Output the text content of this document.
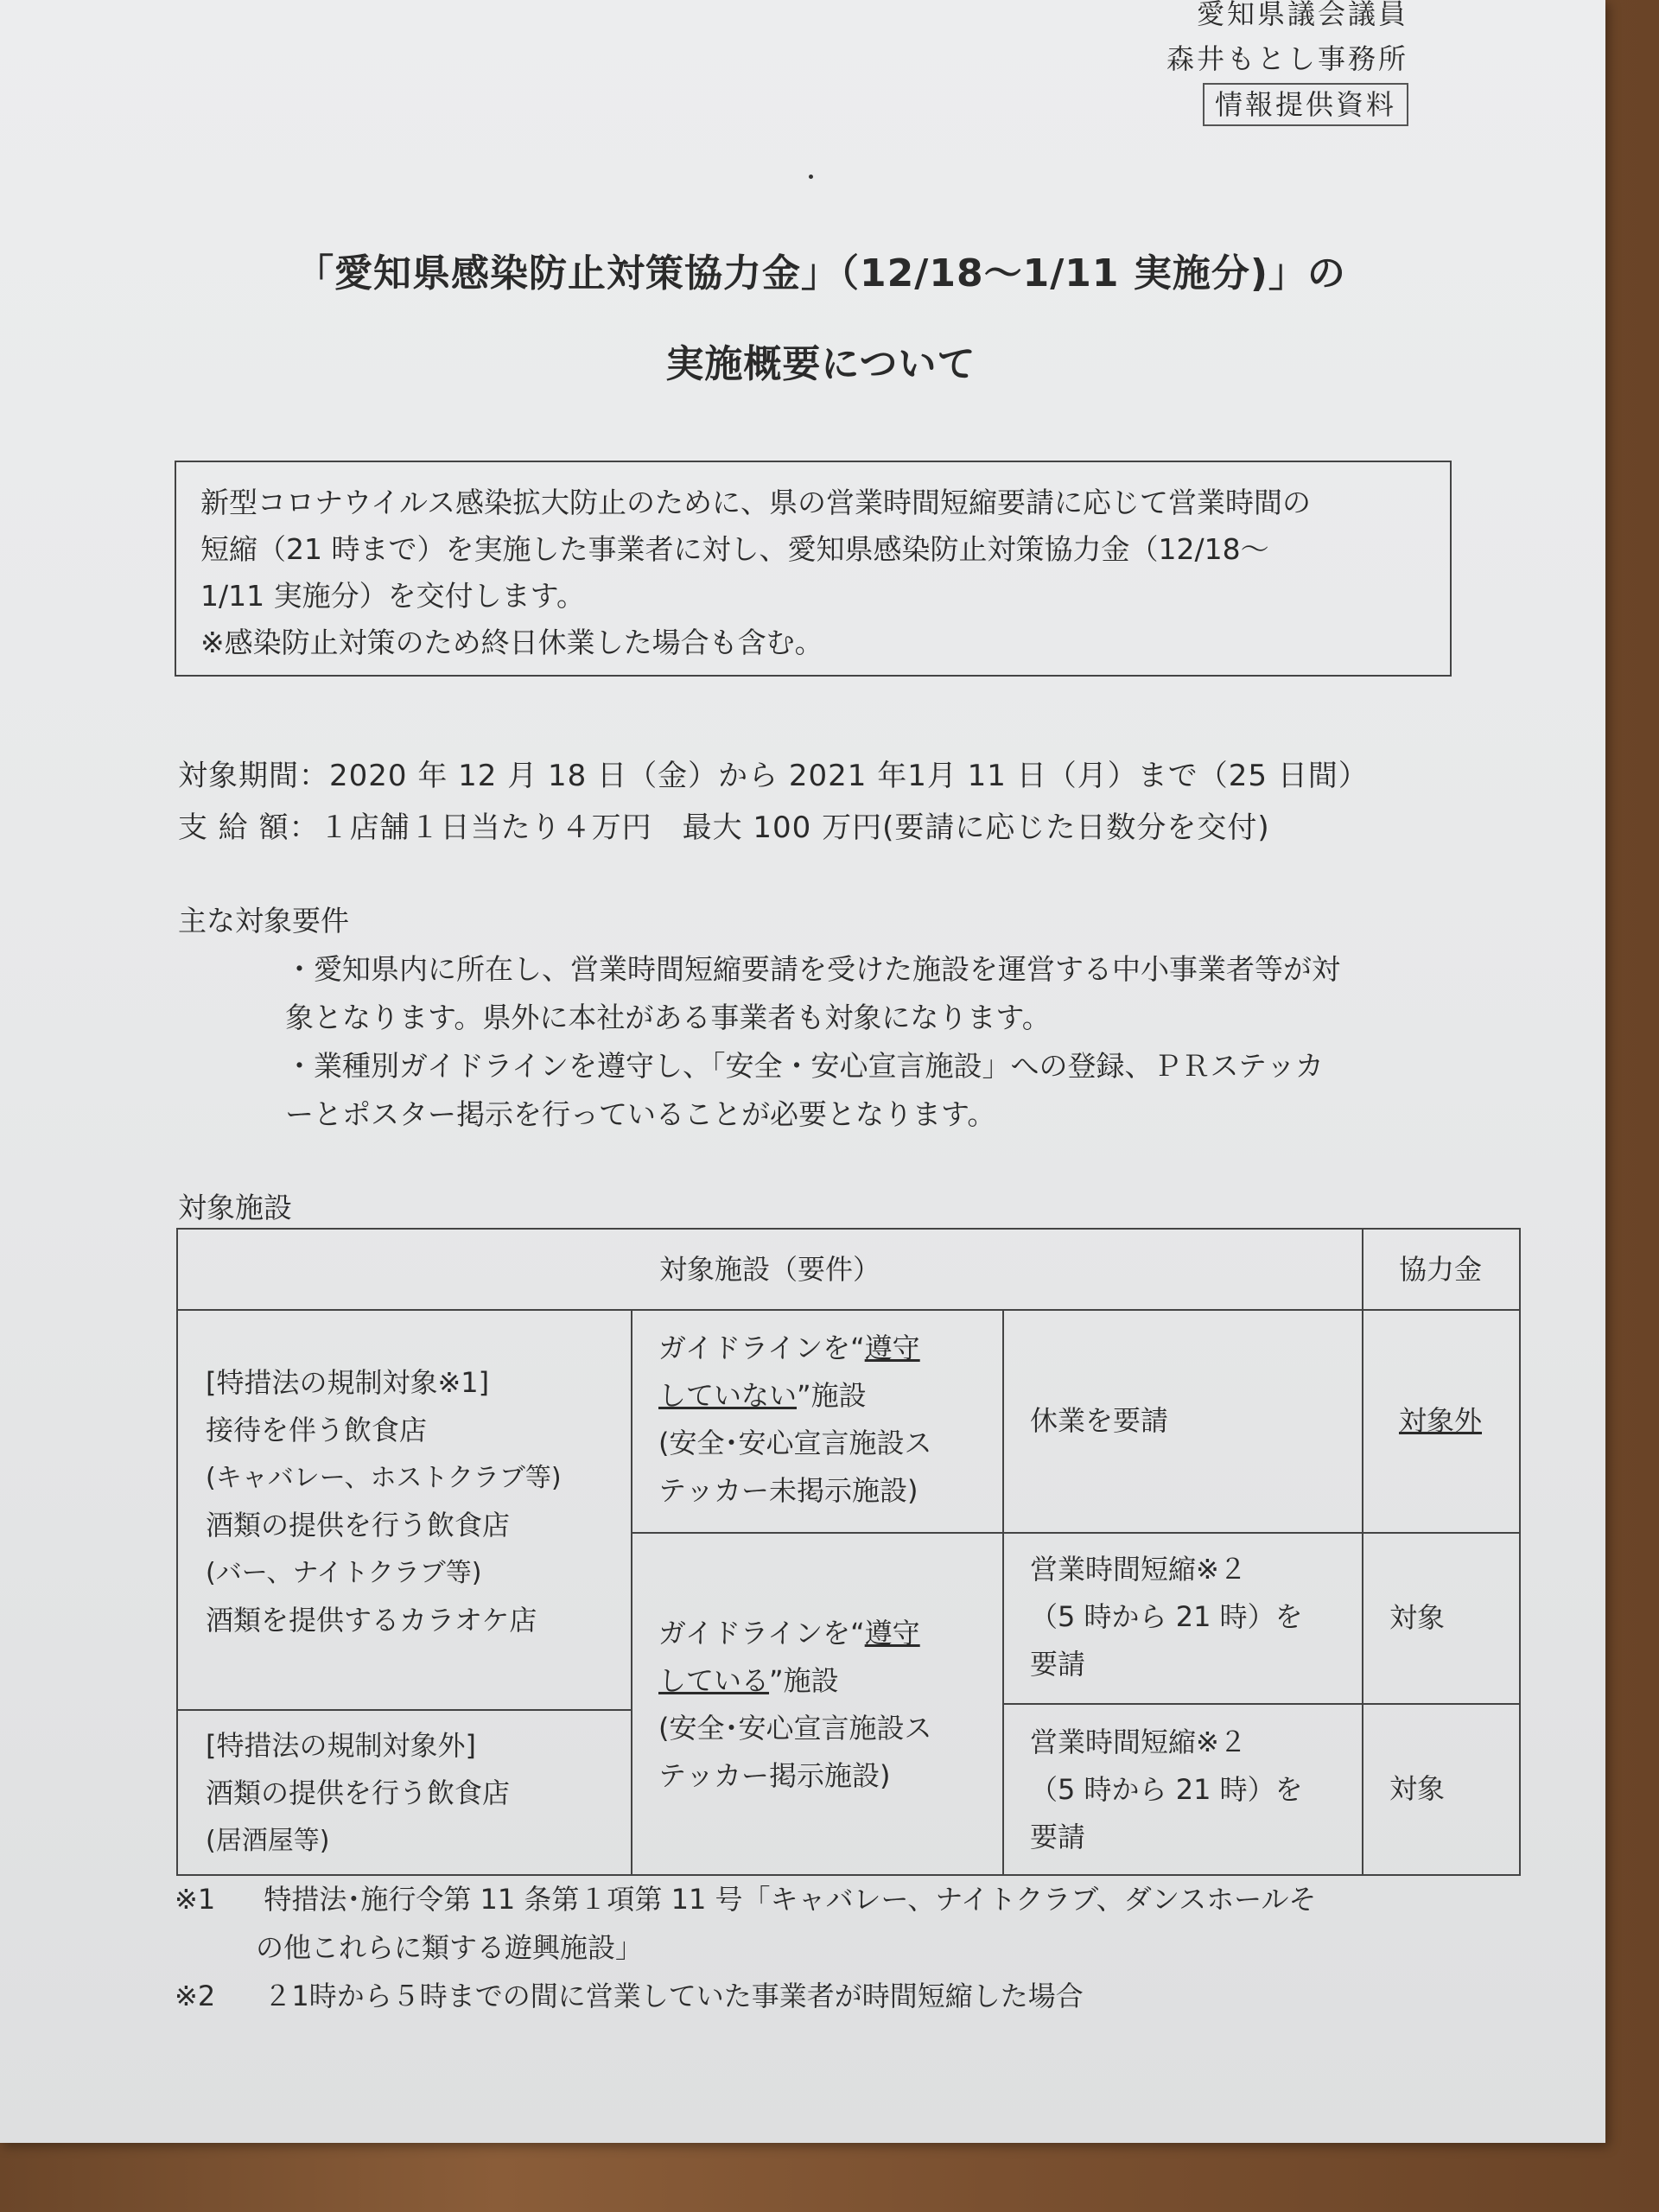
愛知県議会議員
森井もとし事務所
情報提供資料
「愛知県感染防止対策協力金」（12/18〜1/11 実施分)」の
実施概要について
新型コロナウイルス感染拡大防止のために、県の営業時間短縮要請に応じて営業時間の
短縮（21 時まで）を実施した事業者に対し、愛知県感染防止対策協力金（12/18〜
1/11 実施分）を交付します。
※感染防止対策のため終日休業した場合も含む。
対象期間：2020 年 12 月 18 日（金）から 2021 年1月 11 日（月）まで（25 日間）
支 給 額：１店舗１日当たり４万円　最大 100 万円(要請に応じた日数分を交付)
主な対象要件
・愛知県内に所在し、営業時間短縮要請を受けた施設を運営する中小事業者等が対
象となります。県外に本社がある事業者も対象になります。
・業種別ガイドラインを遵守し、「安全・安心宣言施設」への登録、ＰＲステッカ
ーとポスター掲示を行っていることが必要となります。
対象施設
対象施設（要件）	協力金
[特措法の規制対象※1]
接待を伴う飲食店
(キャバレー、ホストクラブ等)
酒類の提供を行う飲食店
(バー、ナイトクラブ等)
酒類を提供するカラオケ店
[特措法の規制対象外]
酒類の提供を行う飲食店
(居酒屋等)
ガイドラインを“遵守
していない”施設
(安全･安心宣言施設ス
テッカー未掲示施設)
ガイドラインを“遵守
している”施設
(安全･安心宣言施設ス
テッカー掲示施設)
休業を要請	対象外
営業時間短縮※２
（5 時から 21 時）を
要請
対象
営業時間短縮※２
（5 時から 21 時）を
要請
対象
※1 特措法･施行令第 11 条第１項第 11 号「キャバレー、ナイトクラブ、ダンスホールそ
の他これらに類する遊興施設」
※2 ２1時から５時までの間に営業していた事業者が時間短縮した場合
